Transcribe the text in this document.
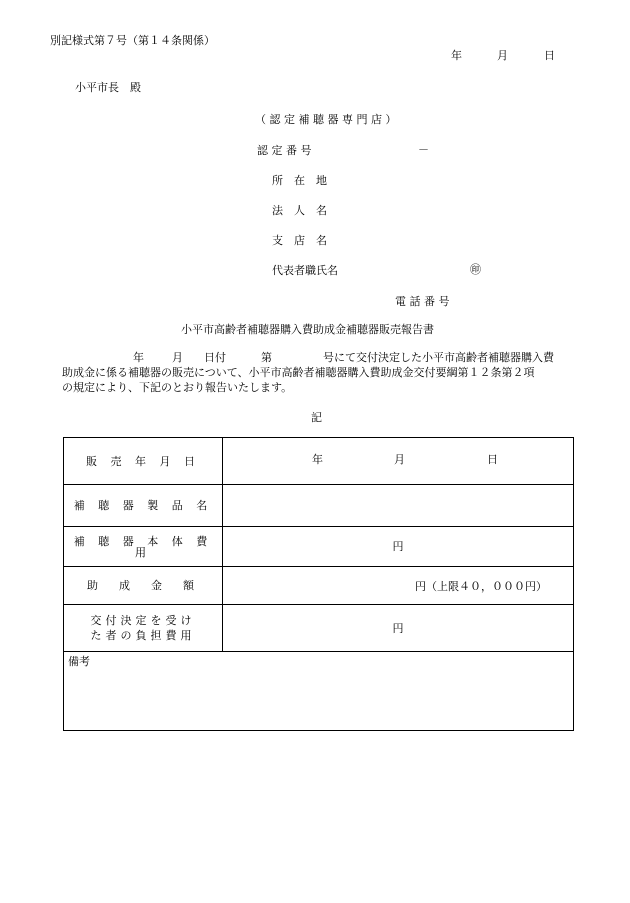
別記様式第７号（第１４条関係）
年	月	日
小平市長　殿
（ 認 定 補 聴 器 専 門 店 ）
認 定 番 号	－
所　在　地
法　人　名
支　店　名
代表者職氏名	㊞
電 話 番 号
小平市高齢者補聴器購入費助成金補聴器販売報告書
年	月 日付	第	号にて交付決定した小平市高齢者補聴器購入費
助成金に係る補聴器の販売について、小平市高齢者補聴器購入費助成金交付要綱第１２条第２項
の規定により、下記のとおり報告いたします。
記
販 売 年 月 日	年 月 日

補 聴 器 製 品 名	
補 聴 器 本 体 費 用	円

助　成　金　額	円（上限４０，０００円）

交付決定を受け
た者の負担費用	円

備考	
